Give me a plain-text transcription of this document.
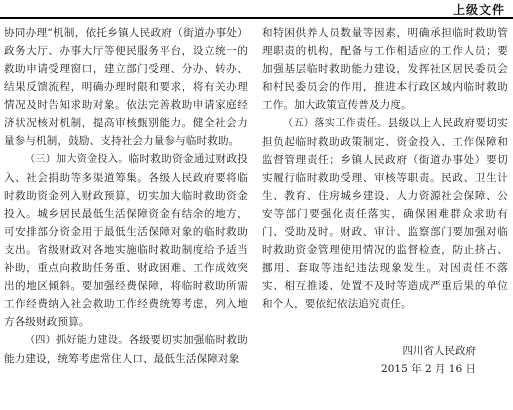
上级文件

协同办理”机制，依托乡镇人民政府（街道办事处）政务大厅、办事大厅等便民服务平台，设立统一的救助申请受理窗口，建立部门受理、分办、转办、结果反馈流程，明确办理时限和要求，将有关办理情况及时告知求助对象。依法完善救助申请家庭经济状况核对机制，提高审核甄别能力。健全社会力量参与机制，鼓励、支持社会力量参与临时救助。

（三）加大资金投入。临时救助资金通过财政投入、社会捐助等多渠道筹集。各级人民政府要将临时救助资金列入财政预算，切实加大临时救助资金投入。城乡居民最低生活保障资金有结余的地方，可安排部分资金用于最低生活保障对象的临时救助支出。省级财政对各地实施临时救助制度给予适当补助，重点向救助任务重、财政困难、工作成效突出的地区倾斜。要加强经费保障，将临时救助所需工作经费纳入社会救助工作经费统筹考虑，列入地方各级财政预算。

（四）抓好能力建设。各级要切实加强临时救助能力建设，统筹考虑常住人口、最低生活保障对象

和特困供养人员数量等因素，明确承担临时救助管理职责的机构，配备与工作相适应的工作人员；要加强基层临时救助能力建设，发挥社区居民委员会和村民委员会的作用，推进本行政区域内临时救助工作。加大政策宣传普及力度。

（五）落实工作责任。县级以上人民政府要切实担负起临时救助政策制定、资金投入、工作保障和监督管理责任；乡镇人民政府（街道办事处）要切实履行临时救助受理、审核等职责。民政、卫生计生、教育、住房城乡建设、人力资源社会保障、公安等部门要强化责任落实，确保困难群众求助有门、受助及时。财政、审计、监察部门要加强对临时救助资金管理使用情况的监督检查，防止挤占、挪用、套取等违纪违法现象发生。对因责任不落实、相互推诿、处置不及时等造成严重后果的单位和个人，要依纪依法追究责任。

四川省人民政府
2015 年 2 月 16 日
